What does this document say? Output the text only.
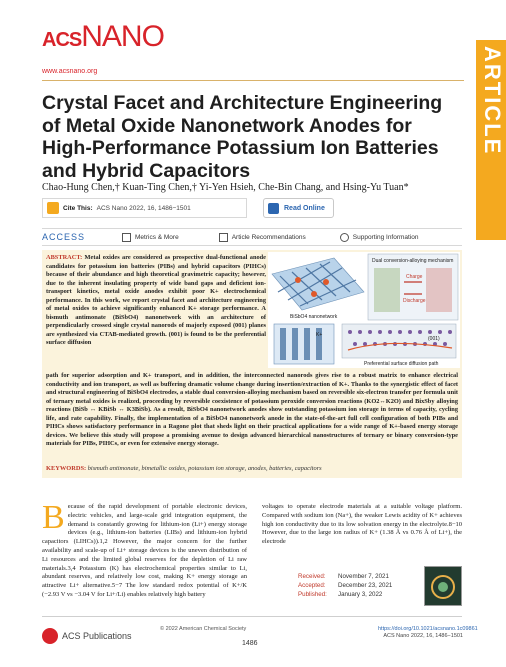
ACS NANO
www.acsnano.org	ARTICLE
Crystal Facet and Architecture Engineering of Metal Oxide Nanonetwork Anodes for High-Performance Potassium Ion Batteries and Hybrid Capacitors
Chao-Hung Chen,† Kuan-Ting Chen,† Yi-Yen Hsieh, Che-Bin Chang, and Hsing-Yu Tuan*
Cite This: ACS Nano 2022, 16, 1486−1501	Read Online
ACCESS	Metrics & More	Article Recommendations	Supporting Information
ABSTRACT: Metal oxides are considered as prospective dual-functional anode candidates for potassium ion batteries (PIBs) and hybrid capacitors (PIHCs) because of their abundance and high theoretical gravimetric capacity; however, due to the inherent insulating property of wide band gaps and deficient ion-transport kinetics, metal oxide anodes exhibit poor K+ electrochemical performance. In this work, we report crystal facet and architecture engineering of metal oxides to achieve significantly enhanced K+ storage performance. A bismuth antimonate (BiSbO4) nanonetwork with an architecture of perpendicularly crossed single crystal nanorods of majorly exposed (001) planes are synthesized via CTAB-mediated growth. (001) is found to be the preferential surface diffusion
path for superior adsorption and K+ transport, and in addition, the interconnected nanorods gives rise to a robust matrix to enhance electrical conductivity and ion transport, as well as buffering dramatic volume change during insertion/extraction of K+. Thanks to the synergistic effect of facet and structural engineering of BiSbO4 electrodes, a stable dual conversion-alloying mechanism based on reversible six-electron transfer per formula unit of ternary metal oxides is realized, proceeding by reversible coexistence of potassium peroxide conversion reactions (KO2↔K2O) and BixSby alloying reactions (BiSb ↔ KBiSb ↔ K3BiSb). As a result, BiSbO4 nanonetwork anodes show outstanding potassium ion storage in terms of capacity, cycling life, and rate capability. Finally, the implementation of a BiSbO4 nanonetwork anode in the state-of-the-art full cell configuration of both PIBs and PIHCs shows satisfactory performance in a Ragone plot that sheds light on their practical applications for a wide range of K+-based energy storage devices. We believe this study will propose a promising avenue to design advanced hierarchical nanostructures of ternary or binary conversion-type materials for PIBs, PIHCs, or even for extensive energy storage.
KEYWORDS: bismuth antimonate, bimetallic oxides, potassium ion storage, anodes, batteries, capacitors
BiSbO4 nanonetwork
K+
Dual conversion-alloying mechanism
Charge
Discharge
(001)
Preferential surface diffusion path
Because of the rapid development of portable electronic devices, electric vehicles, and large-scale grid integration equipment, the demand is constantly growing for lithium-ion (Li+) energy storage devices (e.g., lithium-ion batteries (LIBs) and lithium-ion hybrid capacitors (LIHCs)).1,2 However, the major concern for the further availability and scale-up of Li+ storage devices is the uneven distribution of Li resources and the limited global reserves for the depletion of Li raw materials.3,4 Potassium (K) has electrochemical properties similar to Li, abundant reserves, and relatively low cost, making K+ energy storage an attractive Li+ alternative.5−7 The low standard redox potential of K+/K (−2.93 V vs −3.04 V for Li+/Li) enables relatively high battery
voltages to operate electrode materials at a suitable voltage platform. Compared with sodium ion (Na+), the weaker Lewis acidity of K+ achieves high ion conductivity due to its low solvation energy in the electrolyte.8−10 However, due to the large ion radius of K+ (1.38 Å vs 0.76 Å of Li+), the electrode
Received: November 7, 2021
Accepted: December 23, 2021
Published: January 3, 2022
ACS Publications
© 2022 American Chemical Society
1486
https://doi.org/10.1021/acsnano.1c09861
ACS Nano 2022, 16, 1486−1501
